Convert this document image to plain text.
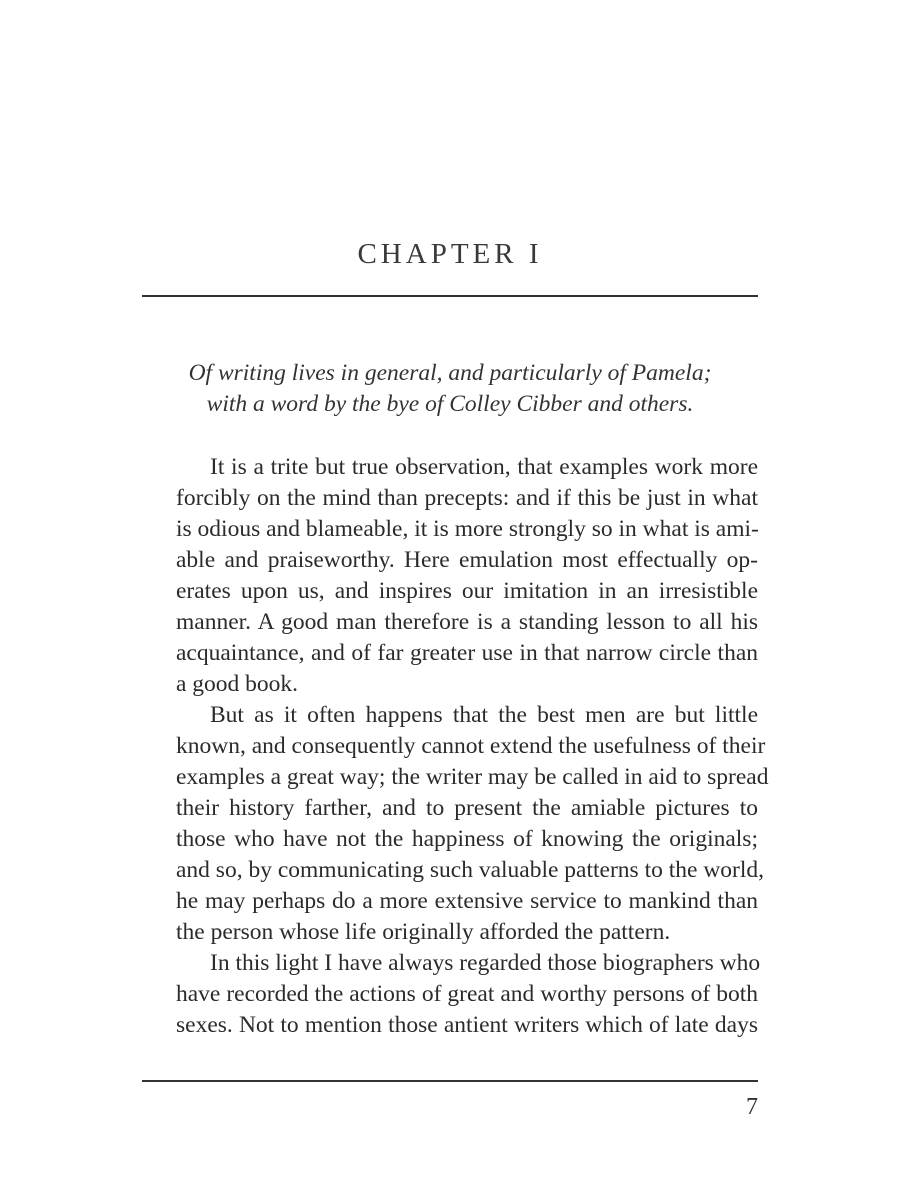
CHAPTER I
Of writing lives in general, and particularly of Pamela;
with a word by the bye of Colley Cibber and others.
It is a trite but true observation, that examples work more
forcibly on the mind than precepts: and if this be just in what
is odious and blameable, it is more strongly so in what is ami-
able and praiseworthy. Here emulation most effectually op-
erates upon us, and inspires our imitation in an irresistible
manner. A good man therefore is a standing lesson to all his
acquaintance, and of far greater use in that narrow circle than
a good book.
But as it often happens that the best men are but little
known, and consequently cannot extend the usefulness of their
examples a great way; the writer may be called in aid to spread
their history farther, and to present the amiable pictures to
those who have not the happiness of knowing the originals;
and so, by communicating such valuable patterns to the world,
he may perhaps do a more extensive service to mankind than
the person whose life originally afforded the pattern.
In this light I have always regarded those biographers who
have recorded the actions of great and worthy persons of both
sexes. Not to mention those antient writers which of late days
7
